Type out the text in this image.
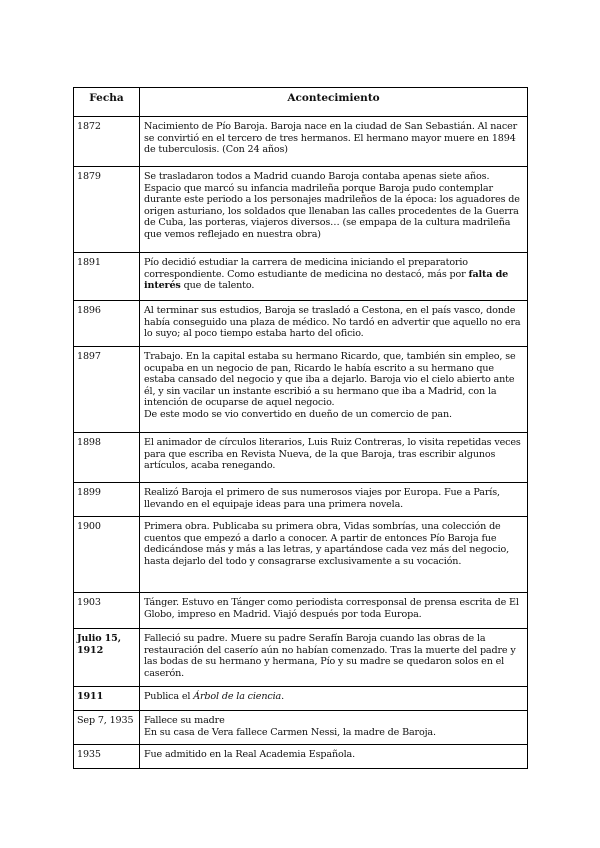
Fecha	Acontecimiento
1872	Nacimiento de Pío Baroja. Baroja nace en la ciudad de San Sebastián. Al nacer se convirtió en el tercero de tres hermanos. El hermano mayor muere en 1894 de tuberculosis. (Con 24 años)

1879	Se trasladaron todos a Madrid cuando Baroja contaba apenas siete años. Espacio que marcó su infancia madrileña porque Baroja pudo contemplar durante este periodo a los personajes madrileños de la época: los aguadores de origen asturiano, los soldados que llenaban las calles procedentes de la Guerra de Cuba, las porteras, viajeros diversos… (se empapa de la cultura madrileña que vemos reflejado en nuestra obra)

1891	Pío decidió estudiar la carrera de medicina iniciando el preparatorio correspondiente. Como estudiante de medicina no destacó, más por falta de interés que de talento.
1896	Al terminar sus estudios, Baroja se trasladó a Cestona, en el país vasco, donde había conseguido una plaza de médico. No tardó en advertir que aquello no era lo suyo; al poco tiempo estaba harto del oficio.

1897	Trabajo. En la capital estaba su hermano Ricardo, que, también sin empleo, se ocupaba en un negocio de pan, Ricardo le había escrito a su hermano que estaba cansado del negocio y que iba a dejarlo. Baroja vio el cielo abierto ante él, y sin vacilar un instante escribió a su hermano que iba a Madrid, con la intención de ocuparse de aquel negocio.
De este modo se vio convertido en dueño de un comercio de pan.

1898	El animador de círculos literarios, Luis Ruiz Contreras, lo visita repetidas veces para que escriba en Revista Nueva, de la que Baroja, tras escribir algunos artículos, acaba renegando.

1899	Realizó Baroja el primero de sus numerosos viajes por Europa. Fue a París, llevando en el equipaje ideas para una primera novela.

1900	Primera obra. Publicaba su primera obra, Vidas sombrías, una colección de cuentos que empezó a darlo a conocer. A partir de entonces Pío Baroja fue dedicándose más y más a las letras, y apartándose cada vez más del negocio, hasta dejarlo del todo y consagrarse exclusivamente a su vocación.

1903	Tánger. Estuvo en Tánger como periodista corresponsal de prensa escrita de El Globo, impreso en Madrid. Viajó después por toda Europa.

Julio 15, 1912	Falleció su padre. Muere su padre Serafín Baroja cuando las obras de la restauración del caserío aún no habían comenzado. Tras la muerte del padre y las bodas de su hermano y hermana, Pío y su madre se quedaron solos en el caserón.

1911	Publica el Árbol de la ciencia.
Sep 7, 1935	Fallece su madre
En su casa de Vera fallece Carmen Nessi, la madre de Baroja.

1935	Fue admitido en la Real Academia Española.
